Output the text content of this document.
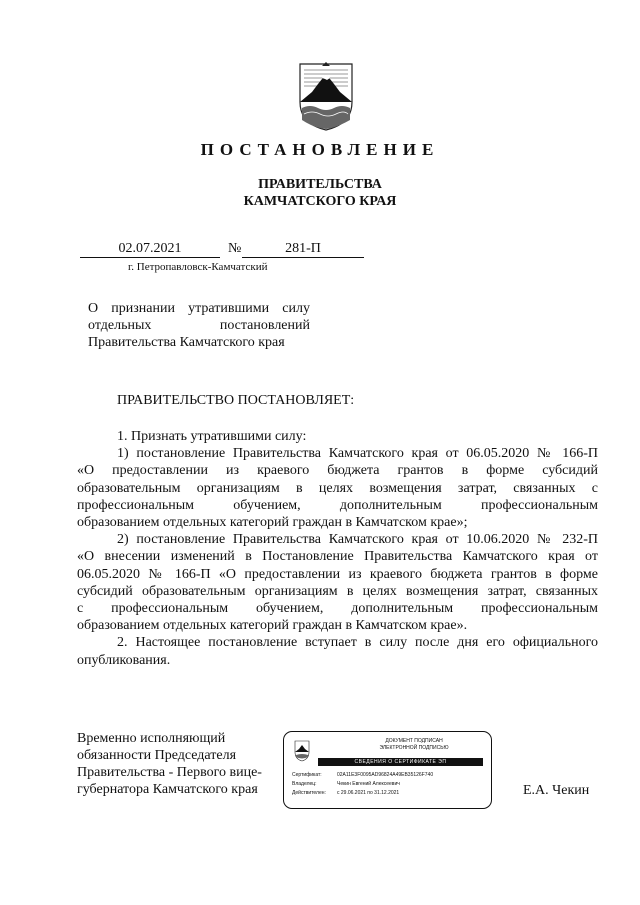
ПОСТАНОВЛЕНИЕ
ПРАВИТЕЛЬСТВА
КАМЧАТСКОГО КРАЯ
02.07.2021	№	281-П
г. Петропавловск-Камчатский
О признании утратившими силу
отдельных постановлений
Правительства Камчатского края
ПРАВИТЕЛЬСТВО ПОСТАНОВЛЯЕТ:
1. Признать утратившими силу:
1) постановление Правительства Камчатского края от 06.05.2020 № 166-П
«О предоставлении из краевого бюджета грантов в форме субсидий
образовательным организациям в целях возмещения затрат, связанных с
профессиональным обучением, дополнительным профессиональным
образованием отдельных категорий граждан в Камчатском крае»;
2) постановление Правительства Камчатского края от 10.06.2020 № 232-П
«О внесении изменений в Постановление Правительства Камчатского края от
06.05.2020 № 166-П «О предоставлении из краевого бюджета грантов в форме
субсидий образовательным организациям в целях возмещения затрат, связанных
с профессиональным обучением, дополнительным профессиональным
образованием отдельных категорий граждан в Камчатском крае».
2. Настоящее постановление вступает в силу после дня его официального
опубликования.
Временно исполняющий
обязанности Председателя
Правительства - Первого вице-
губернатора Камчатского края
ДОКУМЕНТ ПОДПИСАН
ЭЛЕКТРОННОЙ ПОДПИСЬЮ
СВЕДЕНИЯ О СЕРТИФИКАТЕ ЭП
Сертификат:	02A11E3F0095AD96824A49EB35126F740
Владелец:	Чекин Евгений Алексеевич
Действителен: с 29.06.2021 по 31.12.2021	Е.А. Чекин
